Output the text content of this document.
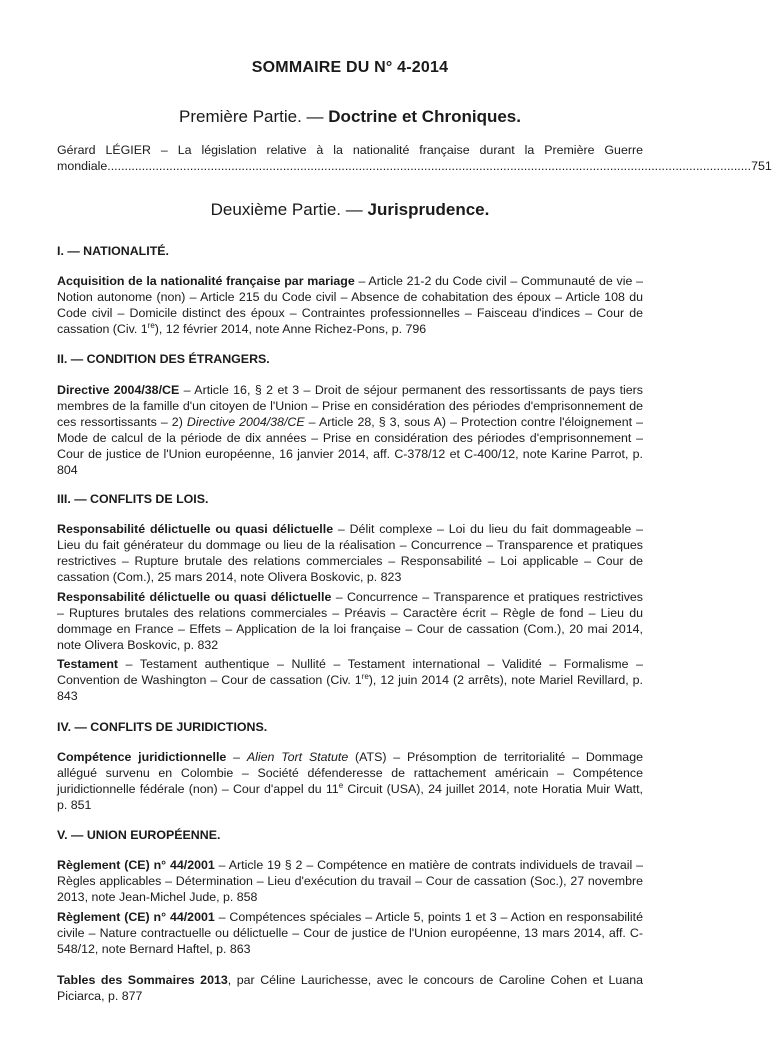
SOMMAIRE DU N° 4-2014
Première Partie. — Doctrine et Chroniques.
Gérard LÉGIER – La législation relative à la nationalité française durant la Première Guerre
mondiale ........................................................................................................................................................................................... 751
Deuxième Partie. — Jurisprudence.
I. — NATIONALITÉ.
Acquisition de la nationalité française par mariage – Article 21-2 du Code civil – Communauté de vie – Notion autonome (non) – Article 215 du Code civil – Absence de cohabitation des époux – Article 108 du Code civil – Domicile distinct des époux – Contraintes professionnelles – Faisceau d'indices – Cour de cassation (Civ. 1re), 12 février 2014, note Anne Richez-Pons, p. 796
II. — CONDITION DES ÉTRANGERS.
Directive 2004/38/CE – Article 16, § 2 et 3 – Droit de séjour permanent des ressortissants de pays tiers membres de la famille d'un citoyen de l'Union – Prise en considération des périodes d'emprisonnement de ces ressortissants – 2) Directive 2004/38/CE – Article 28, § 3, sous A) – Protection contre l'éloignement – Mode de calcul de la période de dix années – Prise en considération des périodes d'emprisonnement – Cour de justice de l'Union européenne, 16 janvier 2014, aff. C-378/12 et C-400/12, note Karine Parrot, p. 804
III. — CONFLITS DE LOIS.
Responsabilité délictuelle ou quasi délictuelle – Délit complexe – Loi du lieu du fait dommageable – Lieu du fait générateur du dommage ou lieu de la réalisation – Concurrence – Transparence et pratiques restrictives – Rupture brutale des relations commerciales – Responsabilité – Loi applicable – Cour de cassation (Com.), 25 mars 2014, note Olivera Boskovic, p. 823
Responsabilité délictuelle ou quasi délictuelle – Concurrence – Transparence et pratiques restrictives – Ruptures brutales des relations commerciales – Préavis – Caractère écrit – Règle de fond – Lieu du dommage en France – Effets – Application de la loi française – Cour de cassation (Com.), 20 mai 2014, note Olivera Boskovic, p. 832
Testament – Testament authentique – Nullité – Testament international – Validité – Formalisme – Convention de Washington – Cour de cassation (Civ. 1re), 12 juin 2014 (2 arrêts), note Mariel Revillard, p. 843
IV. — CONFLITS DE JURIDICTIONS.
Compétence juridictionnelle – Alien Tort Statute (ATS) – Présomption de territorialité – Dommage allégué survenu en Colombie – Société défenderesse de rattachement américain – Compétence juridictionnelle fédérale (non) – Cour d'appel du 11e Circuit (USA), 24 juillet 2014, note Horatia Muir Watt, p. 851
V. — UNION EUROPÉENNE.
Règlement (CE) n° 44/2001 – Article 19 § 2 – Compétence en matière de contrats individuels de travail – Règles applicables – Détermination – Lieu d'exécution du travail – Cour de cassation (Soc.), 27 novembre 2013, note Jean-Michel Jude, p. 858
Règlement (CE) n° 44/2001 – Compétences spéciales – Article 5, points 1 et 3 – Action en responsabilité civile – Nature contractuelle ou délictuelle – Cour de justice de l'Union européenne, 13 mars 2014, aff. C-548/12, note Bernard Haftel, p. 863
Tables des Sommaires 2013, par Céline Laurichesse, avec le concours de Caroline Cohen et Luana Piciarca, p. 877
